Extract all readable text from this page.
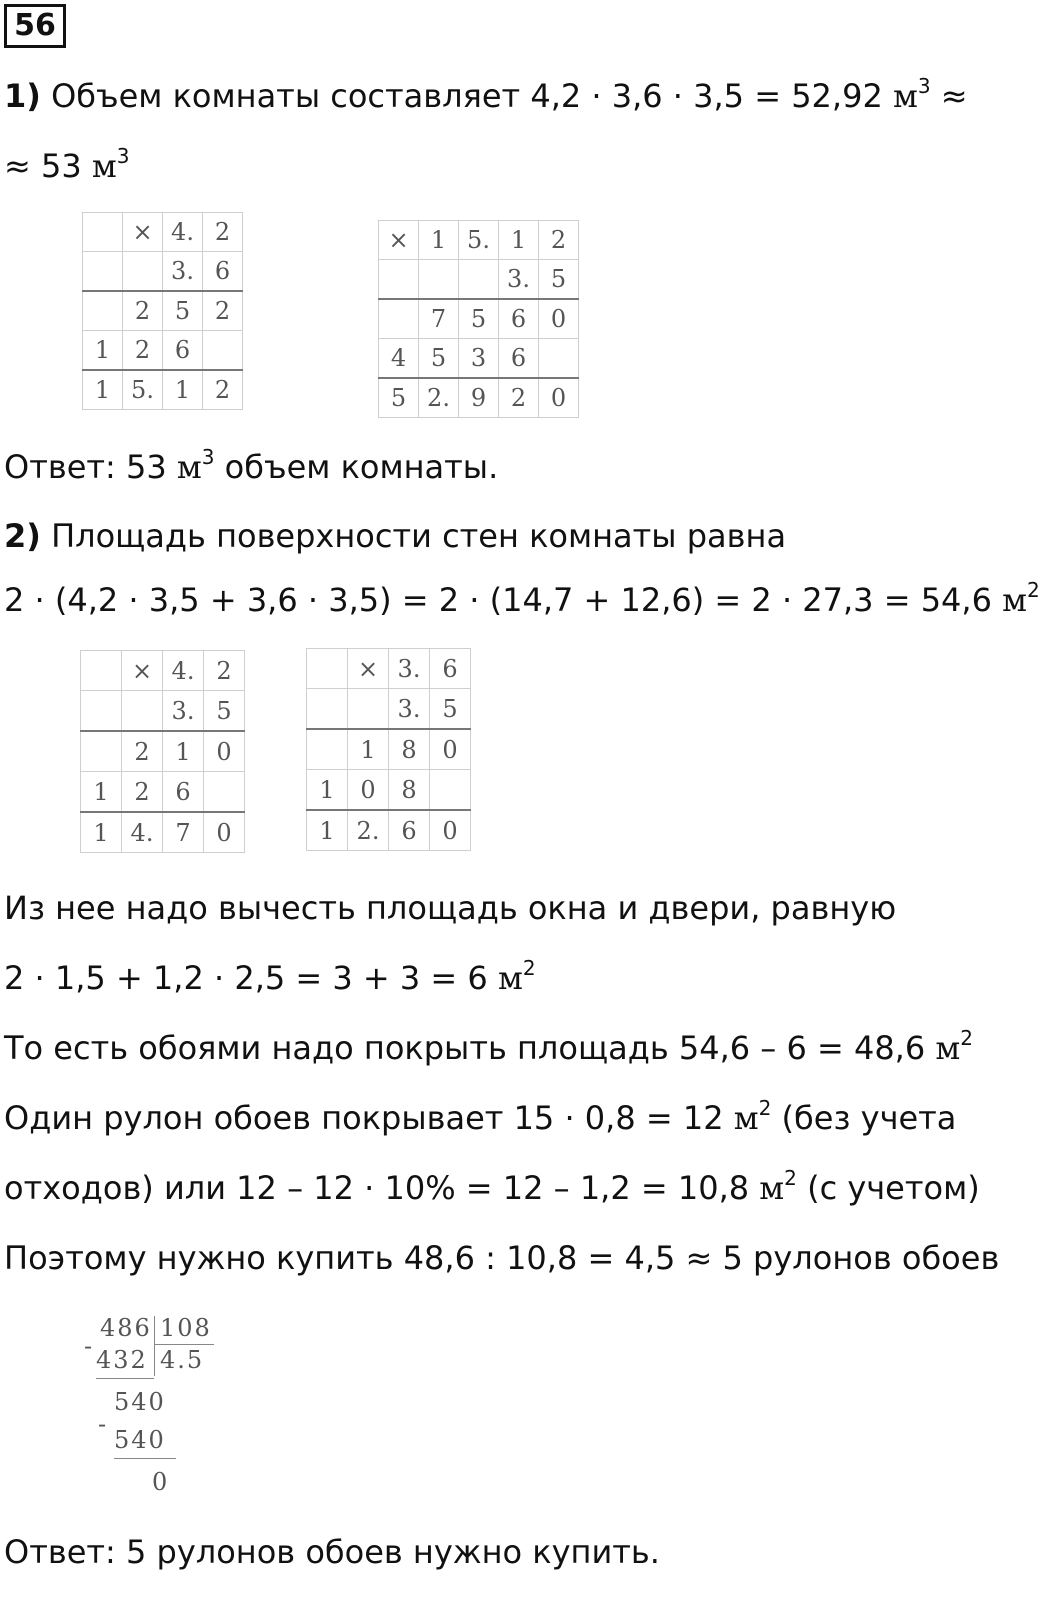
56
1) Объем комнаты составляет 4,2 · 3,6 · 3,5 = 52,92 $м^3$ ≈
≈ 53 $м^3$
	×	4.	2
		3.	6
	2	5	2
1	2	6	
1	5.	1	2
×	1	5.	1	2
			3.	5
	7	5	6	0
4	5	3	6	
5	2.	9	2	0
Ответ: 53 $м^3$ объем комнаты.
2) Площадь поверхности стен комнаты равна
2 · (4,2 · 3,5 + 3,6 · 3,5) = 2 · (14,7 + 12,6) = 2 · 27,3 = 54,6 $м^2$
	×	4.	2
		3.	5
	2	1	0
1	2	6	
1	4.	7	0
	×	3.	6
		3.	5
	1	8	0
1	0	8	
1	2.	6	0
Из нее надо вычесть площадь окна и двери, равную
2 · 1,5 + 1,2 · 2,5 = 3 + 3 = 6 $м^2$
То есть обоями надо покрыть площадь 54,6 – 6 = 48,6 $м^2$
Один рулон обоев покрывает 15 · 0,8 = 12 $м^2$ (без учета
отходов) или 12 – 12 · 10% = 12 – 1,2 = 10,8 $м^2$ (с учетом)
Поэтому нужно купить 48,6 : 10,8 = 4,5 ≈ 5 рулонов обоев
486 108
- 432 4.5
540
-
540
0
Ответ: 5 рулонов обоев нужно купить.
